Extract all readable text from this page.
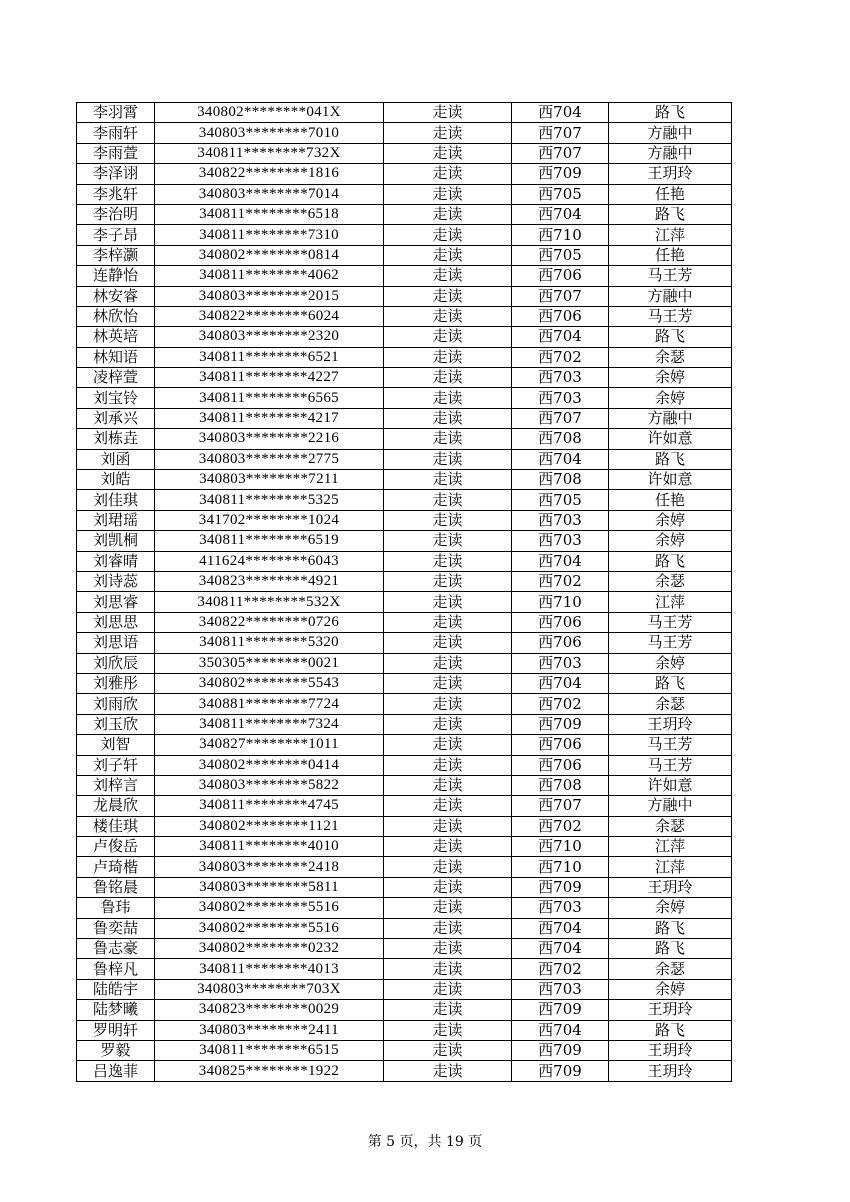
李羽霄	340802********041X	走读	西704	路飞
李雨轩	340803********7010	走读	西707	方融中
李雨萱	340811********732X	走读	西707	方融中
李泽诩	340822********1816	走读	西709	王玥玲
李兆轩	340803********7014	走读	西705	任艳
李治明	340811********6518	走读	西704	路飞
李子昂	340811********7310	走读	西710	江萍
李梓灏	340802********0814	走读	西705	任艳
连静怡	340811********4062	走读	西706	马王芳
林安睿	340803********2015	走读	西707	方融中
林欣怡	340822********6024	走读	西706	马王芳
林英培	340803********2320	走读	西704	路飞
林知语	340811********6521	走读	西702	余瑟
凌梓萱	340811********4227	走读	西703	余婷
刘宝铃	340811********6565	走读	西703	余婷
刘承兴	340811********4217	走读	西707	方融中
刘栋垚	340803********2216	走读	西708	许如意
刘函	340803********2775	走读	西704	路飞
刘皓	340803********7211	走读	西708	许如意
刘佳琪	340811********5325	走读	西705	任艳
刘珺瑶	341702********1024	走读	西703	余婷
刘凯桐	340811********6519	走读	西703	余婷
刘睿晴	411624********6043	走读	西704	路飞
刘诗蕊	340823********4921	走读	西702	余瑟
刘思睿	340811********532X	走读	西710	江萍
刘思思	340822********0726	走读	西706	马王芳
刘思语	340811********5320	走读	西706	马王芳
刘欣辰	350305********0021	走读	西703	余婷
刘雅彤	340802********5543	走读	西704	路飞
刘雨欣	340881********7724	走读	西702	余瑟
刘玉欣	340811********7324	走读	西709	王玥玲
刘智	340827********1011	走读	西706	马王芳
刘子轩	340802********0414	走读	西706	马王芳
刘梓言	340803********5822	走读	西708	许如意
龙晨欣	340811********4745	走读	西707	方融中
楼佳琪	340802********1121	走读	西702	余瑟
卢俊岳	340811********4010	走读	西710	江萍
卢琦楷	340803********2418	走读	西710	江萍
鲁铭晨	340803********5811	走读	西709	王玥玲
鲁玮	340802********5516	走读	西703	余婷
鲁奕喆	340802********5516	走读	西704	路飞
鲁志豪	340802********0232	走读	西704	路飞
鲁梓凡	340811********4013	走读	西702	余瑟
陆皓宇	340803********703X	走读	西703	余婷
陆梦曦	340823********0029	走读	西709	王玥玲
罗明轩	340803********2411	走读	西704	路飞
罗毅	340811********6515	走读	西709	王玥玲
吕逸菲	340825********1922	走读	西709	王玥玲
第 5 页，共 19 页
